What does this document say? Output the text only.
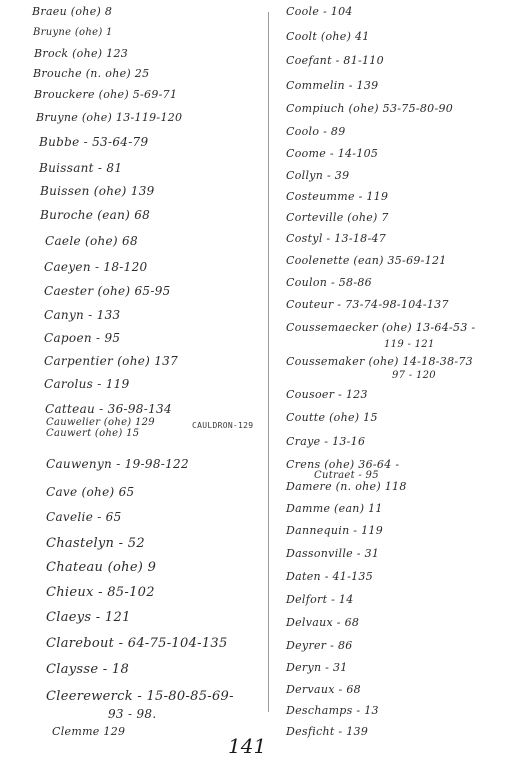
Braeu (ohe) 8
Bruyne (ohe) 1
Brock (ohe) 123
Brouche (n. ohe) 25
Brouckere (ohe) 5-69-71
Bruyne (ohe) 13-119-120
Bubbe - 53-64-79
Buissant - 81
Buissen (ohe) 139
Buroche (ean) 68
Caele (ohe) 68
Caeyen - 18-120
Caester (ohe) 65-95
Canyn - 133
Capoen - 95
Carpentier (ohe) 137
Carolus - 119
Catteau - 36-98-134
Cauwelier (ohe) 129
Cauwert (ohe) 15
Cauwenyn - 19-98-122
Cave (ohe) 65
Cavelie - 65
Chastelyn - 52
Chateau (ohe) 9
Chieux - 85-102
Claeys - 121
Clarebout - 64-75-104-135
Claysse - 18
Cleerewerck - 15-80-85-69-
93 - 98.
Clemme 129
CAULDRON-129
Coole - 104
Coolt (ohe) 41
Coefant - 81-110
Commelin - 139
Compiuch (ohe) 53-75-80-90
Coolo - 89
Coome - 14-105
Collyn - 39
Costeumme - 119
Corteville (ohe) 7
Costyl - 13-18-47
Coolenette (ean) 35-69-121
Coulon - 58-86
Couteur - 73-74-98-104-137
Coussemaecker (ohe) 13-64-53 -
119 - 121
Coussemaker (ohe) 14-18-38-73
97 - 120
Cousoer - 123
Coutte (ohe) 15
Craye - 13-16
Crens (ohe) 36-64 -
Cutraet - 95
Damere (n. ohe) 118
Damme (ean) 11
Dannequin - 119
Dassonville - 31
Daten - 41-135
Delfort - 14
Delvaux - 68
Deyrer - 86
Deryn - 31
Dervaux - 68
Deschamps - 13
Desficht - 139
141
